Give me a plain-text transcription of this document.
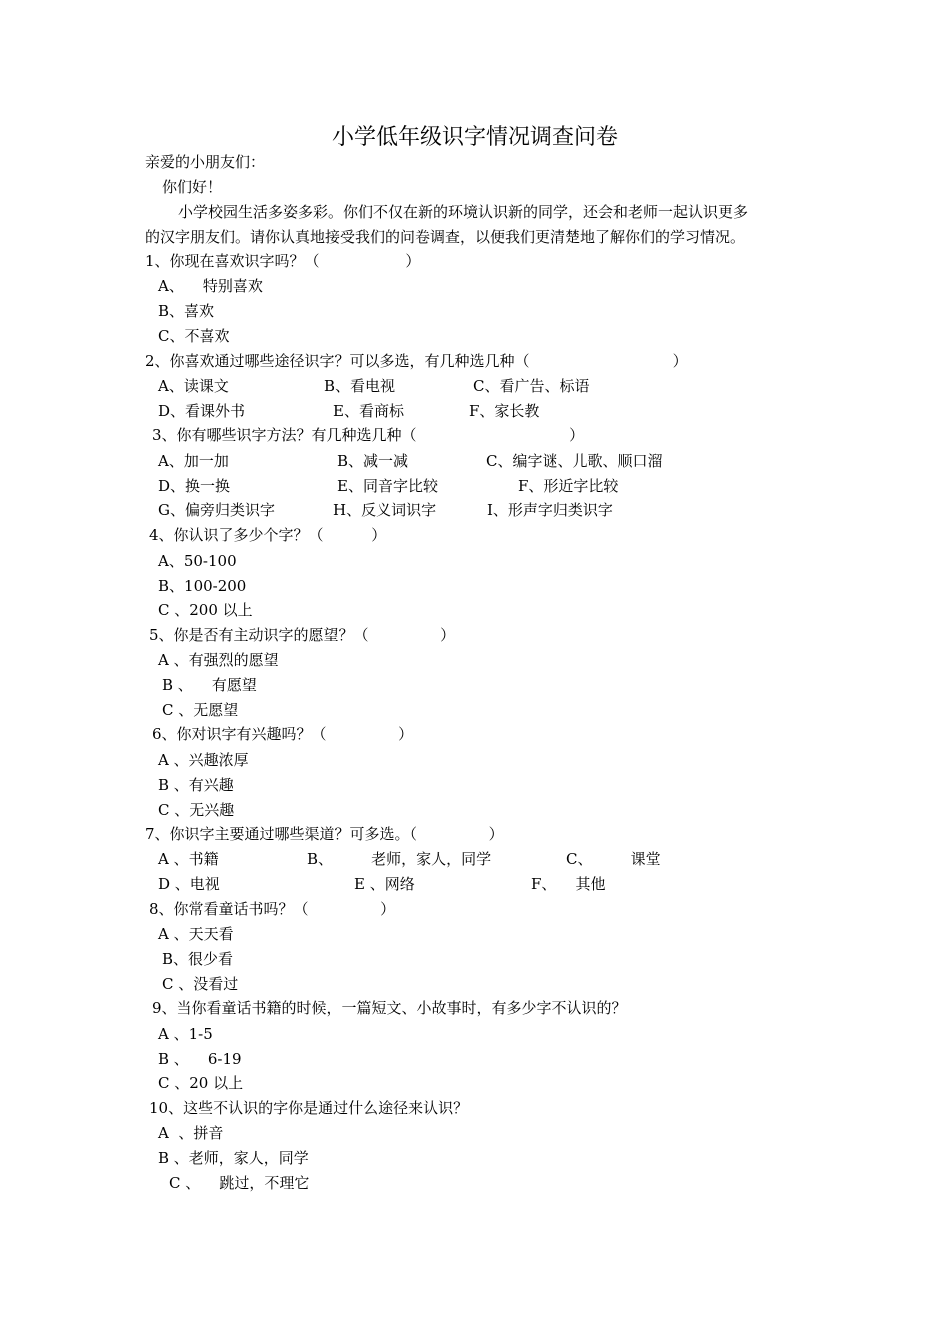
小学低年级识字情况调查问卷
亲爱的小朋友们：
你们好！
小学校园生活多姿多彩。你们不仅在新的环境认识新的同学，还会和老师一起认识更多
的汉字朋友们。请你认真地接受我们的问卷调查，以便我们更清楚地了解你们的学习情况。
1、你现在喜欢识字吗？（                  ）
A、    特别喜欢
B、喜欢
C、不喜欢
2、你喜欢通过哪些途径识字？可以多选，有几种选几种（                              ）
A、读课文	B、看电视	C、看广告、标语
D、看课外书	E、看商标	F、家长教
3、你有哪些识字方法？有几种选几种（                                ）
A、加一加	B、减一减	C、编字谜、儿歌、顺口溜
D、换一换	E、同音字比较	F、形近字比较
G、偏旁归类识字	H、反义词识字	I、形声字归类识字
4、你认识了多少个字？（          ）
A、50-100
B、100-200
C 、200 以上
5、你是否有主动识字的愿望？（               ）
A 、有强烈的愿望
B 、    有愿望
C 、无愿望
6、你对识字有兴趣吗？（               ）
A 、兴趣浓厚
B 、有兴趣
C 、无兴趣
7、你识字主要通过哪些渠道？可多选。（               ）
A 、书籍	B、        老师，家人，同学	C、        课堂
D 、电视	E 、网络	F、    其他
8、你常看童话书吗？（               ）
A 、天天看
B、很少看
C 、没看过
9、当你看童话书籍的时候，一篇短文、小故事时，有多少字不认识的？
A 、1-5
B 、    6-19
C 、20 以上
10、这些不认识的字你是通过什么途径来认识？
A  、拼音
B 、老师，家人，同学
C 、    跳过，不理它
